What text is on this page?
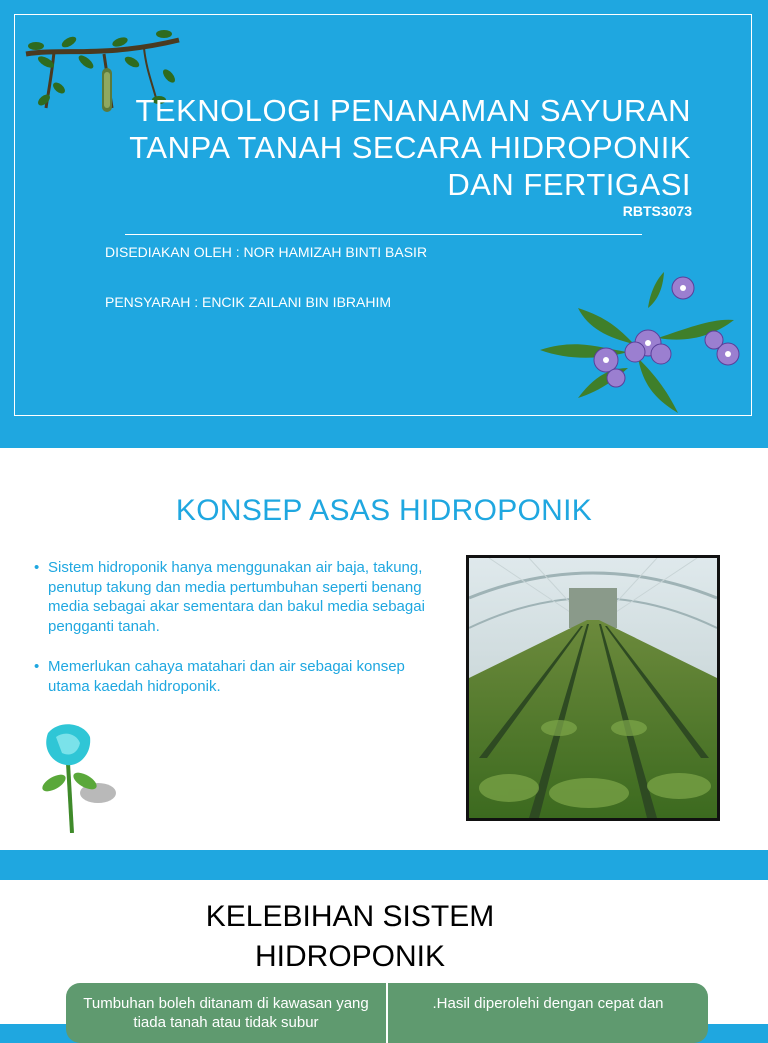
TEKNOLOGI PENANAMAN SAYURAN
TANPA TANAH SECARA HIDROPONIK
DAN FERTIGASI
RBTS3073
DISEDIAKAN OLEH : NOR HAMIZAH BINTI BASIR
PENSYARAH : ENCIK ZAILANI BIN IBRAHIM
KONSEP ASAS HIDROPONIK
• Sistem hidroponik hanya menggunakan air baja, takung, penutup takung dan media pertumbuhan seperti benang media sebagai akar sementara dan bakul media sebagai pengganti tanah.
• Memerlukan cahaya matahari dan air sebagai konsep utama kaedah hidroponik.
KELEBIHAN SISTEM
HIDROPONIK
Tumbuhan boleh ditanam di kawasan yang tiada tanah atau tidak subur
.Hasil diperolehi dengan cepat dan
